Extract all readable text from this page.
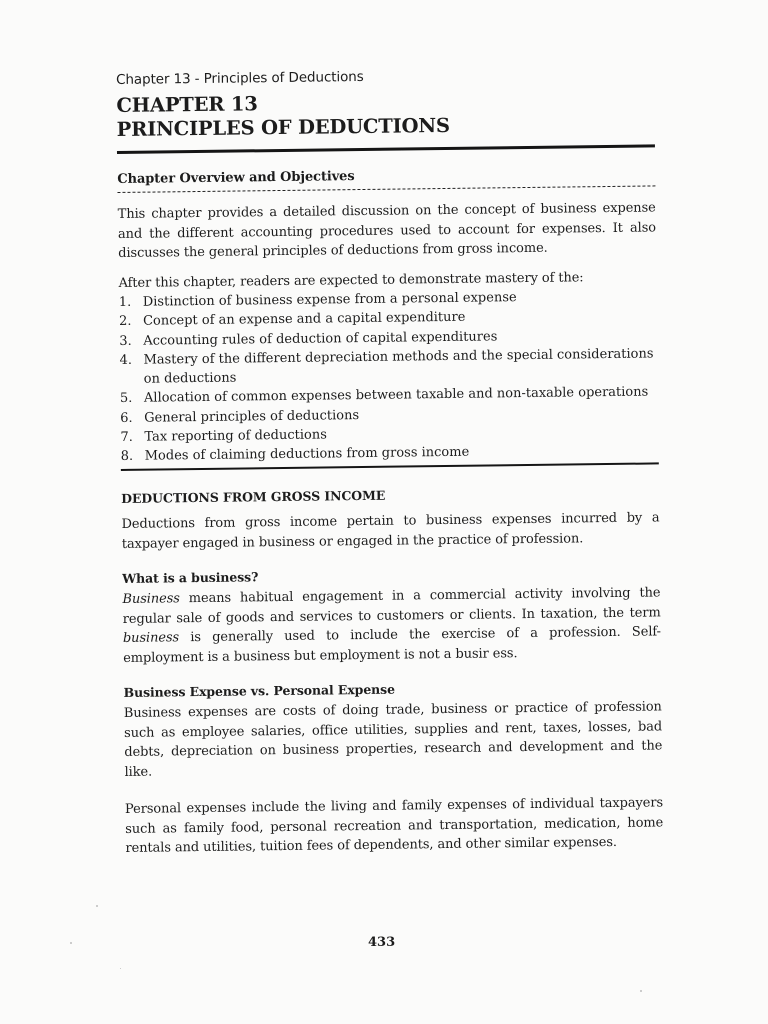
Chapter 13 - Principles of Deductions
CHAPTER 13
PRINCIPLES OF DEDUCTIONS
Chapter Overview and Objectives

This chapter provides a detailed discussion on the concept of business expense and the different accounting procedures used to account for expenses. It also discusses the general principles of deductions from gross income.

After this chapter, readers are expected to demonstrate mastery of the:

1. Distinction of business expense from a personal expense
2. Concept of an expense and a capital expenditure
3. Accounting rules of deduction of capital expenditures
4. Mastery of the different depreciation methods and the special considerations on deductions
5. Allocation of common expenses between taxable and non-taxable operations
6. General principles of deductions
7. Tax reporting of deductions
8. Modes of claiming deductions from gross income
DEDUCTIONS FROM GROSS INCOME

Deductions from gross income pertain to business expenses incurred by a taxpayer engaged in business or engaged in the practice of profession.

What is a business?

Business means habitual engagement in a commercial activity involving the regular sale of goods and services to customers or clients. In taxation, the term business is generally used to include the exercise of a profession. Self-employment is a business but employment is not a busir ess.

Business Expense vs. Personal Expense

Business expenses are costs of doing trade, business or practice of profession such as employee salaries, office utilities, supplies and rent, taxes, losses, bad debts, depreciation on business properties, research and development and the like.

Personal expenses include the living and family expenses of individual taxpayers such as family food, personal recreation and transportation, medication, home rentals and utilities, tuition fees of dependents, and other similar expenses.

433
